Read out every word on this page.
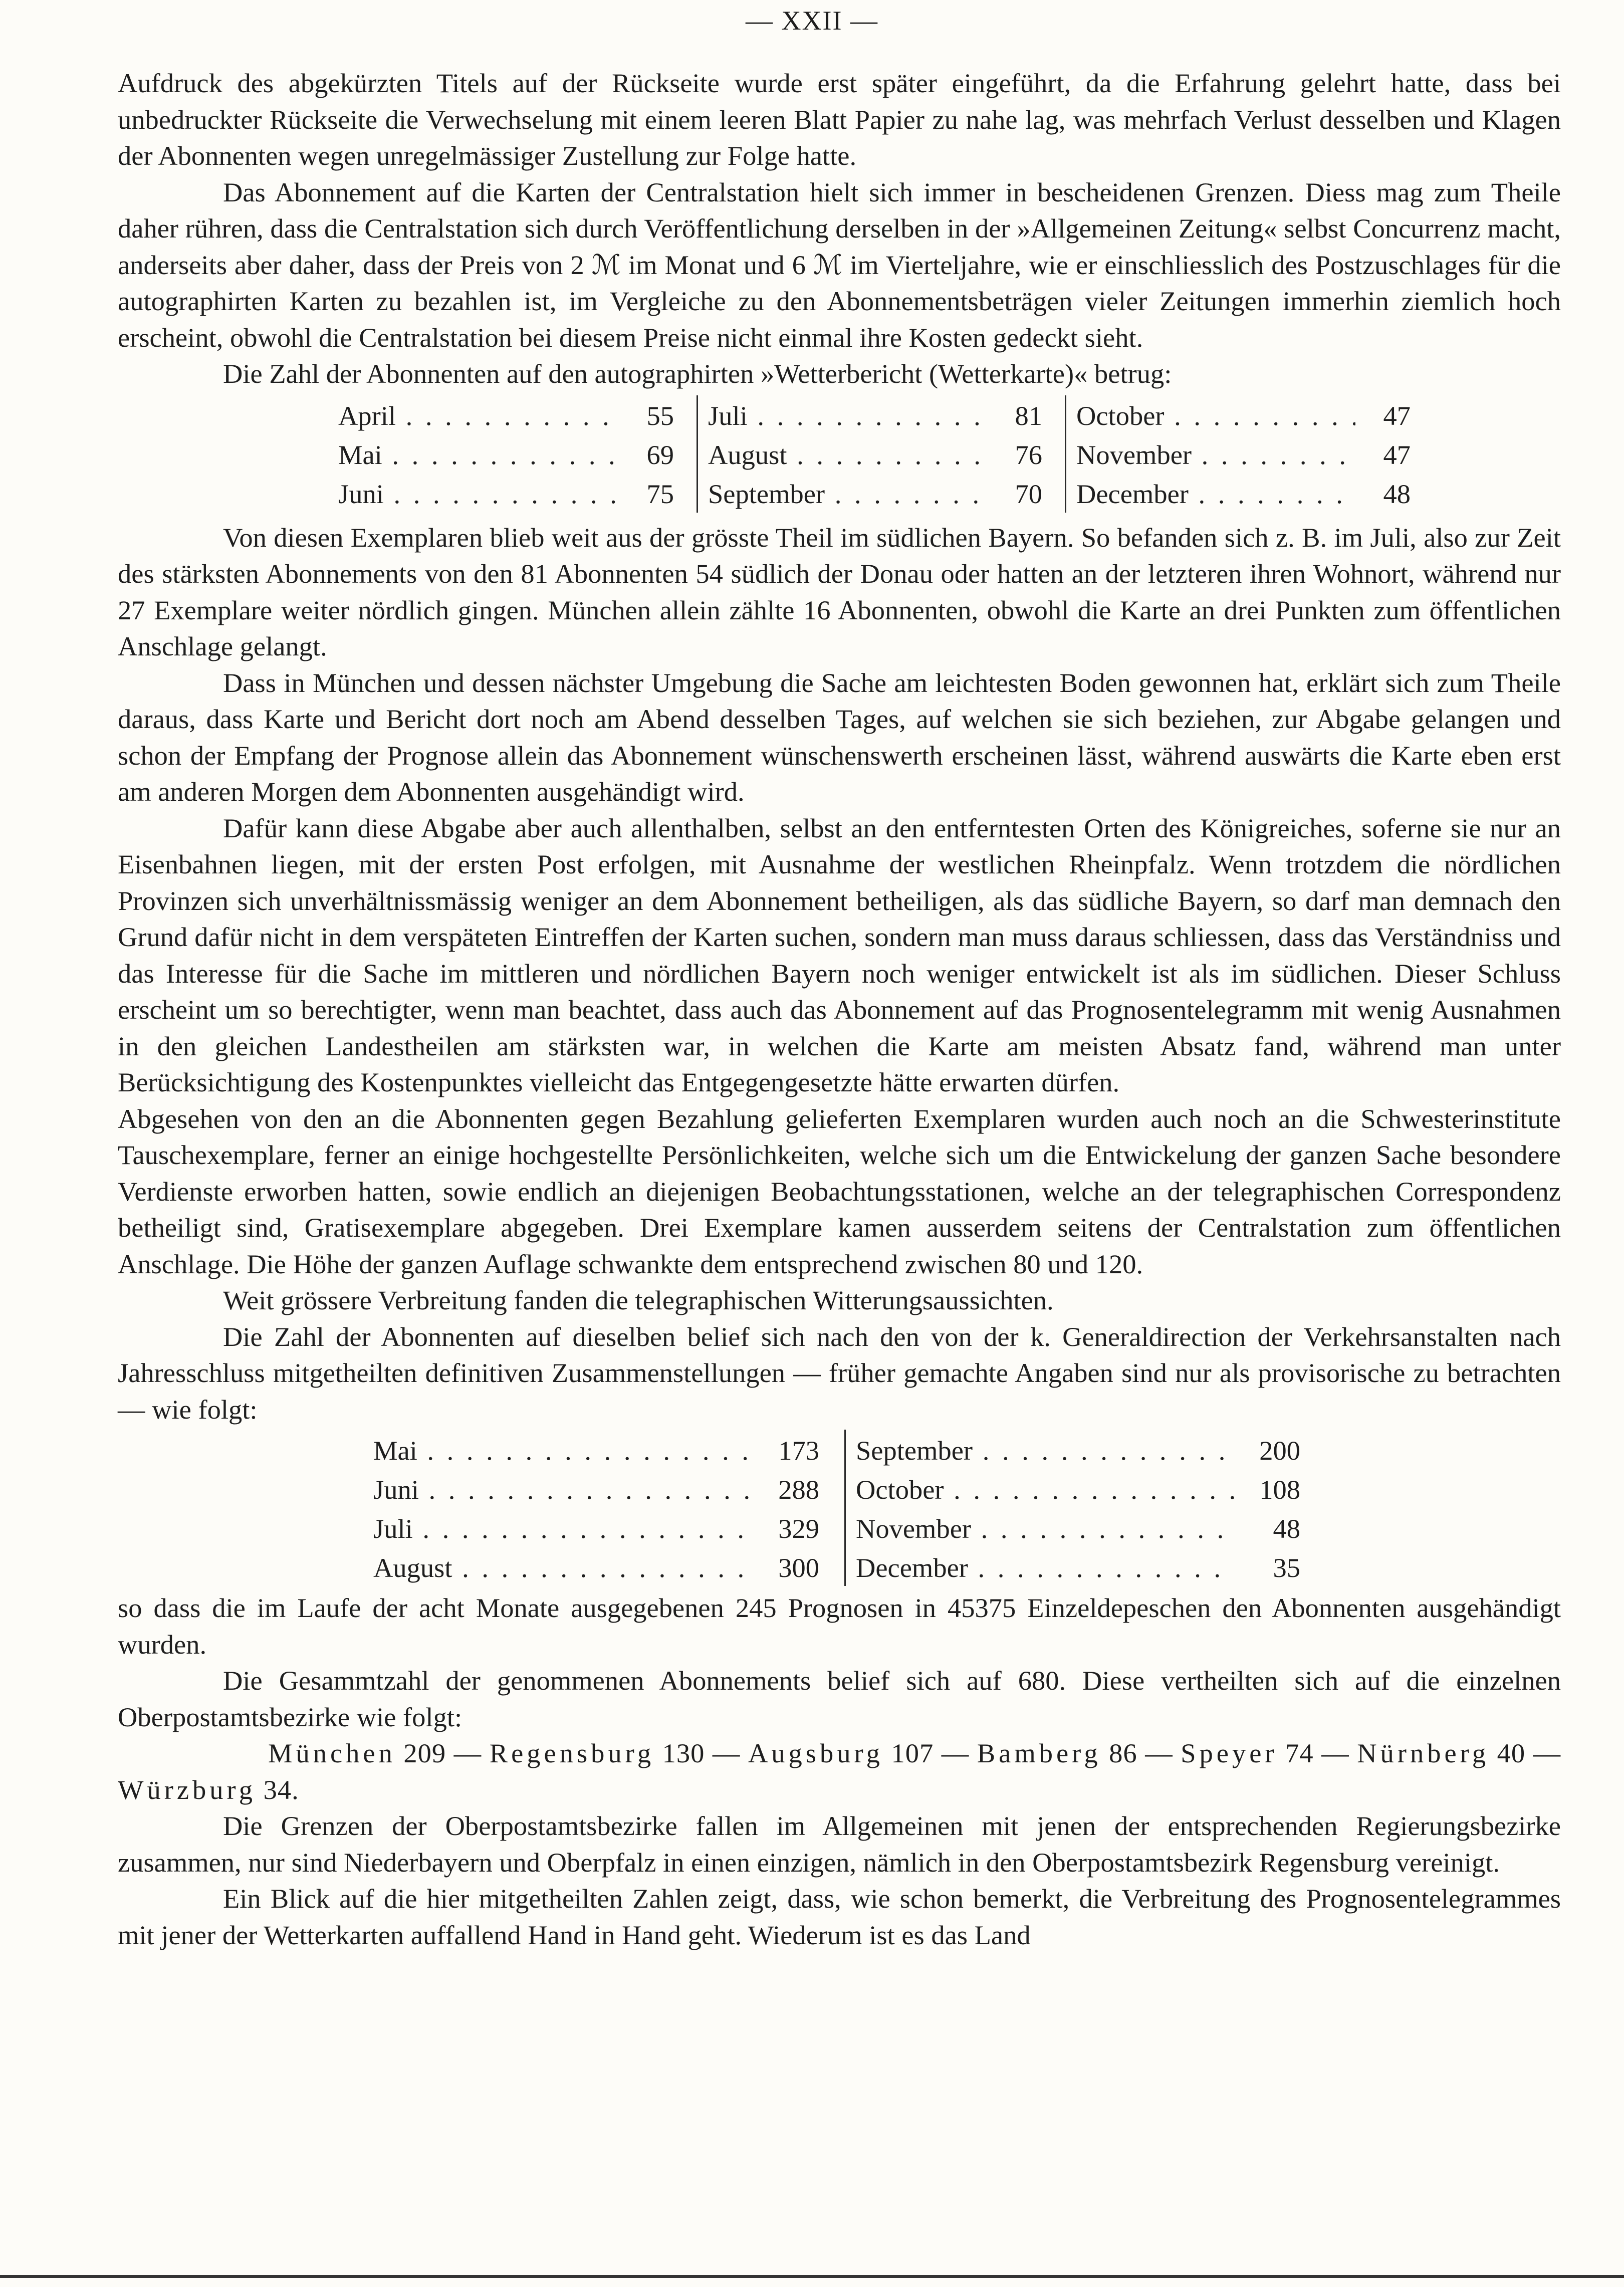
— XXII —

Aufdruck des abgekürzten Titels auf der Rückseite wurde erst später eingeführt, da die Erfahrung gelehrt hatte, dass bei unbedruckter Rückseite die Verwechselung mit einem leeren Blatt Papier zu nahe lag, was mehrfach Verlust desselben und Klagen der Abonnenten wegen unregelmässiger Zustellung zur Folge hatte.

Das Abonnement auf die Karten der Centralstation hielt sich immer in bescheidenen Grenzen. Diess mag zum Theile daher rühren, dass die Centralstation sich durch Veröffentlichung derselben in der »Allgemeinen Zeitung« selbst Concurrenz macht, anderseits aber daher, dass der Preis von 2 ℳ im Monat und 6 ℳ im Vierteljahre, wie er einschliesslich des Postzuschlages für die autographirten Karten zu bezahlen ist, im Vergleiche zu den Abonnementsbeträgen vieler Zeitungen immerhin ziemlich hoch erscheint, obwohl die Centralstation bei diesem Preise nicht einmal ihre Kosten gedeckt sieht.

Die Zahl der Abonnenten auf den autographirten »Wetterbericht (Wetterkarte)« betrug:

April . . .	55
Mai . . .	69
Juni . . .	75
Juli . . .	81
August . . .	76
September . . .	70
October . . .	47
November . . .	47
December . . .	48

Von diesen Exemplaren blieb weit aus der grösste Theil im südlichen Bayern. So befanden sich z. B. im Juli, also zur Zeit des stärksten Abonnements von den 81 Abonnenten 54 südlich der Donau oder hatten an der letzteren ihren Wohnort, während nur 27 Exemplare weiter nördlich gingen. München allein zählte 16 Abonnenten, obwohl die Karte an drei Punkten zum öffentlichen Anschlage gelangt.

Dass in München und dessen nächster Umgebung die Sache am leichtesten Boden gewonnen hat, erklärt sich zum Theile daraus, dass Karte und Bericht dort noch am Abend desselben Tages, auf welchen sie sich beziehen, zur Abgabe gelangen und schon der Empfang der Prognose allein das Abonnement wünschenswerth erscheinen lässt, während auswärts die Karte eben erst am anderen Morgen dem Abonnenten ausgehändigt wird.

Dafür kann diese Abgabe aber auch allenthalben, selbst an den entferntesten Orten des Königreiches, soferne sie nur an Eisenbahnen liegen, mit der ersten Post erfolgen, mit Ausnahme der westlichen Rheinpfalz. Wenn trotzdem die nördlichen Provinzen sich unverhältnissmässig weniger an dem Abonnement betheiligen, als das südliche Bayern, so darf man demnach den Grund dafür nicht in dem verspäteten Eintreffen der Karten suchen, sondern man muss daraus schliessen, dass das Verständniss und das Interesse für die Sache im mittleren und nördlichen Bayern noch weniger entwickelt ist als im südlichen. Dieser Schluss erscheint um so berechtigter, wenn man beachtet, dass auch das Abonnement auf das Prognosentelegramm mit wenig Ausnahmen in den gleichen Landestheilen am stärksten war, in welchen die Karte am meisten Absatz fand, während man unter Berücksichtigung des Kostenpunktes vielleicht das Entgegengesetzte hätte erwarten dürfen.

Abgesehen von den an die Abonnenten gegen Bezahlung gelieferten Exemplaren wurden auch noch an die Schwesterinstitute Tauschexemplare, ferner an einige hochgestellte Persönlichkeiten, welche sich um die Entwickelung der ganzen Sache besondere Verdienste erworben hatten, sowie endlich an diejenigen Beobachtungsstationen, welche an der telegraphischen Correspondenz betheiligt sind, Gratisexemplare abgegeben. Drei Exemplare kamen ausserdem seitens der Centralstation zum öffentlichen Anschlage. Die Höhe der ganzen Auflage schwankte dem entsprechend zwischen 80 und 120.

Weit grössere Verbreitung fanden die telegraphischen Witterungsaussichten.

Die Zahl der Abonnenten auf dieselben belief sich nach den von der k. Generaldirection der Verkehrsanstalten nach Jahresschluss mitgetheilten definitiven Zusammenstellungen — früher gemachte Angaben sind nur als provisorische zu betrachten — wie folgt:

Mai . . .	173
Juni . . .	288
Juli . . .	329
August . . .	300
September . . .	200
October . . .	108
November . . .	48
December . . .	35

so dass die im Laufe der acht Monate ausgegebenen 245 Prognosen in 45375 Einzeldepeschen den Abonnenten ausgehändigt wurden.

Die Gesammtzahl der genommenen Abonnements belief sich auf 680. Diese vertheilten sich auf die einzelnen Oberpostamtsbezirke wie folgt:

München 209 — Regensburg 130 — Augsburg 107 — Bamberg 86 — Speyer 74 — Nürnberg 40 — Würzburg 34.

Die Grenzen der Oberpostamtsbezirke fallen im Allgemeinen mit jenen der entsprechenden Regierungsbezirke zusammen, nur sind Niederbayern und Oberpfalz in einen einzigen, nämlich in den Oberpostamtsbezirk Regensburg vereinigt.

Ein Blick auf die hier mitgetheilten Zahlen zeigt, dass, wie schon bemerkt, die Verbreitung des Prognosentelegrammes mit jener der Wetterkarten auffallend Hand in Hand geht. Wiederum ist es das Land
